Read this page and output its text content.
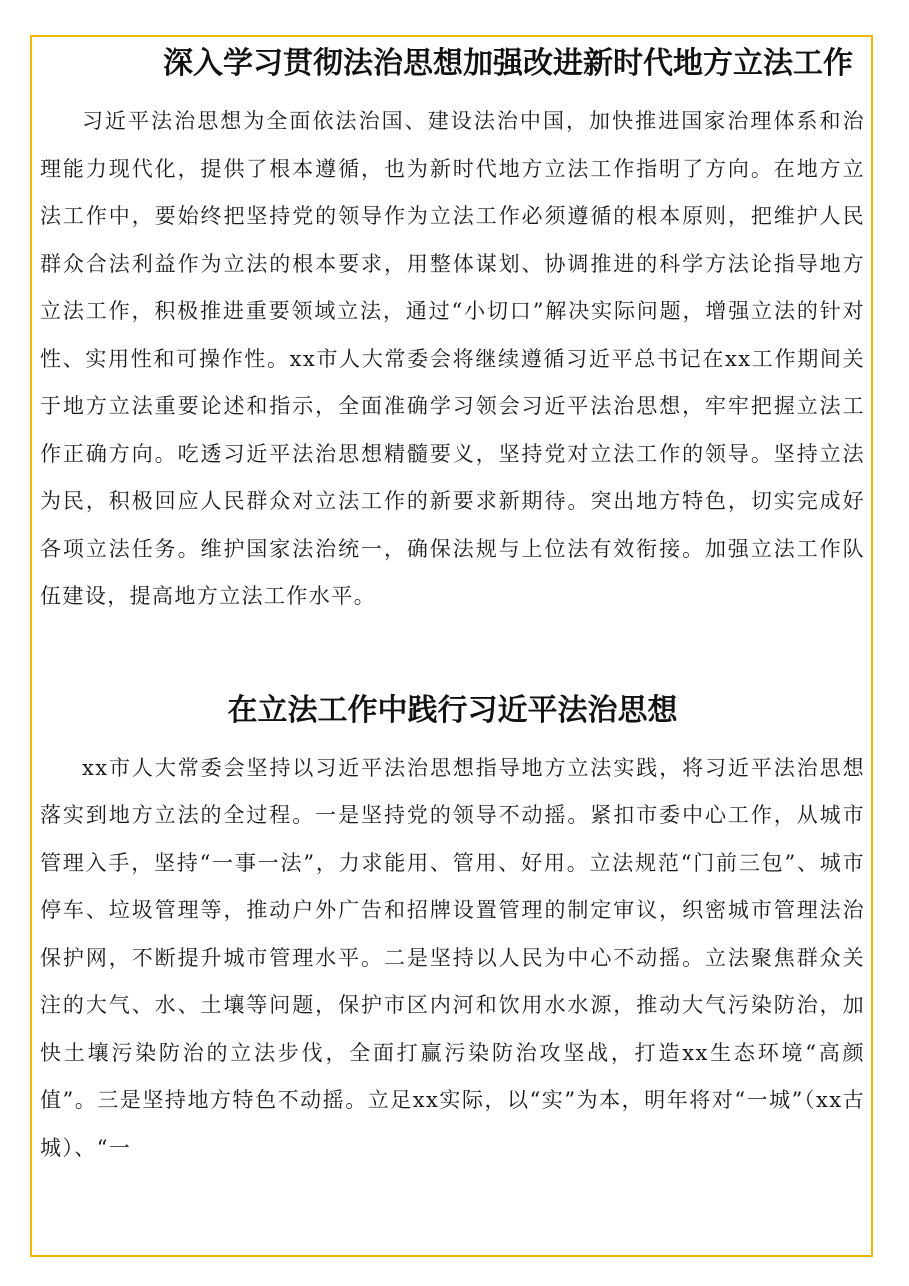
深入学习贯彻法治思想加强改进新时代地方立法工作

习近平法治思想为全面依法治国、建设法治中国，加快推进国家治理体系和治理能力现代化，提供了根本遵循，也为新时代地方立法工作指明了方向。在地方立法工作中，要始终把坚持党的领导作为立法工作必须遵循的根本原则，把维护人民群众合法利益作为立法的根本要求，用整体谋划、协调推进的科学方法论指导地方立法工作，积极推进重要领域立法，通过“小切口”解决实际问题，增强立法的针对性、实用性和可操作性。xx市人大常委会将继续遵循习近平总书记在xx工作期间关于地方立法重要论述和指示，全面准确学习领会习近平法治思想，牢牢把握立法工作正确方向。吃透习近平法治思想精髓要义，坚持党对立法工作的领导。坚持立法为民，积极回应人民群众对立法工作的新要求新期待。突出地方特色，切实完成好各项立法任务。维护国家法治统一，确保法规与上位法有效衔接。加强立法工作队伍建设，提高地方立法工作水平。

在立法工作中践行习近平法治思想

xx市人大常委会坚持以习近平法治思想指导地方立法实践，将习近平法治思想落实到地方立法的全过程。一是坚持党的领导不动摇。紧扣市委中心工作，从城市管理入手，坚持“一事一法”，力求能用、管用、好用。立法规范“门前三包”、城市停车、垃圾管理等，推动户外广告和招牌设置管理的制定审议，织密城市管理法治保护网，不断提升城市管理水平。二是坚持以人民为中心不动摇。立法聚焦群众关注的大气、水、土壤等问题，保护市区内河和饮用水水源，推动大气污染防治，加快土壤污染防治的立法步伐，全面打赢污染防治攻坚战，打造xx生态环境“高颜值”。三是坚持地方特色不动摇。立足xx实际，以“实”为本，明年将对“一城”（xx古城）、“一
